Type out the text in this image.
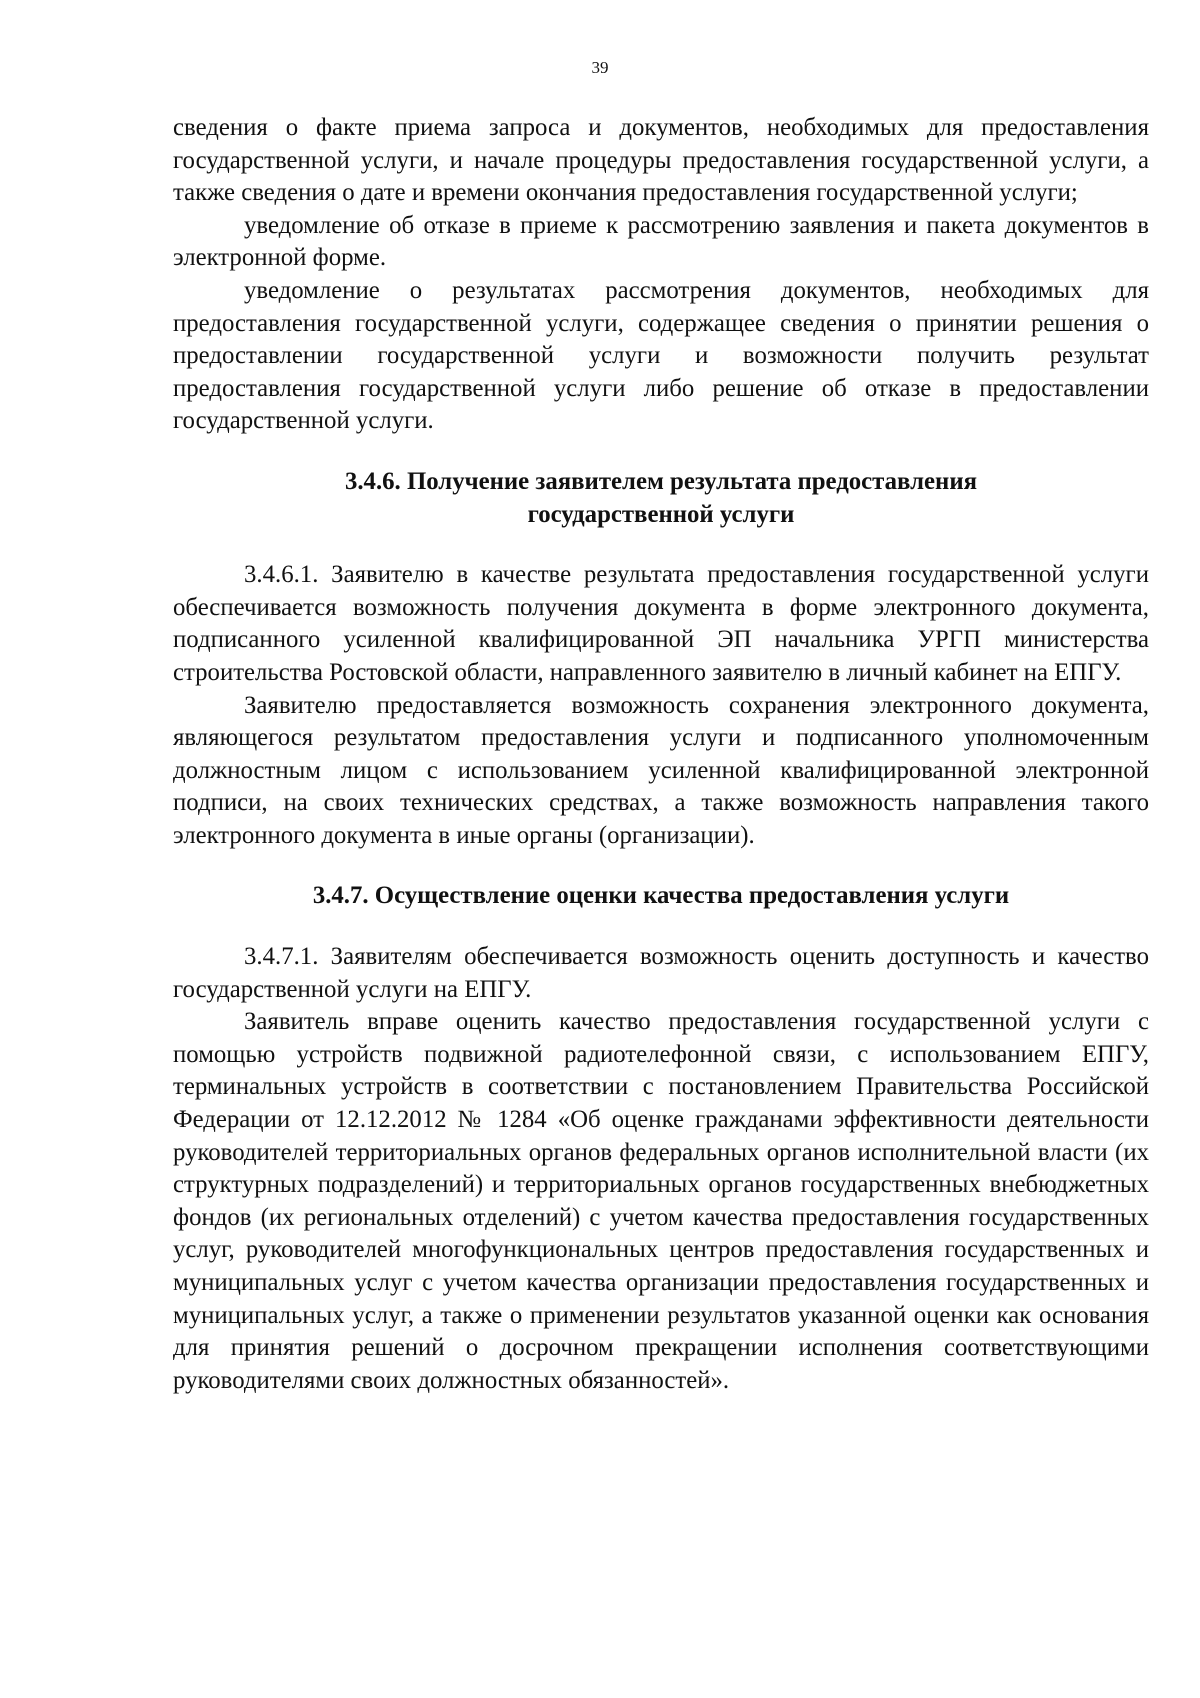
39

сведения о факте приема запроса и документов, необходимых для предоставления государственной услуги, и начале процедуры предоставления государственной услуги, а также сведения о дате и времени окончания предоставления государственной услуги;

уведомление об отказе в приеме к рассмотрению заявления и пакета документов в электронной форме.

уведомление о результатах рассмотрения документов, необходимых для предоставления государственной услуги, содержащее сведения о принятии решения о предоставлении государственной услуги и возможности получить результат предоставления государственной услуги либо решение об отказе в предоставлении государственной услуги.

3.4.6. Получение заявителем результата предоставления
государственной услуги

3.4.6.1. Заявителю в качестве результата предоставления государственной услуги обеспечивается возможность получения документа в форме электронного документа, подписанного усиленной квалифицированной ЭП начальника УРГП министерства строительства Ростовской области, направленного заявителю в личный кабинет на ЕПГУ.

Заявителю предоставляется возможность сохранения электронного документа, являющегося результатом предоставления услуги и подписанного уполномоченным должностным лицом с использованием усиленной квалифицированной электронной подписи, на своих технических средствах, а также возможность направления такого электронного документа в иные органы (организации).

3.4.7. Осуществление оценки качества предоставления услуги

3.4.7.1. Заявителям обеспечивается возможность оценить доступность и качество государственной услуги на ЕПГУ.

Заявитель вправе оценить качество предоставления государственной услуги с помощью устройств подвижной радиотелефонной связи, с использованием ЕПГУ, терминальных устройств в соответствии с постановлением Правительства Российской Федерации от 12.12.2012 № 1284 «Об оценке гражданами эффективности деятельности руководителей территориальных органов федеральных органов исполнительной власти (их структурных подразделений) и территориальных органов государственных внебюджетных фондов (их региональных отделений) с учетом качества предоставления государственных услуг, руководителей многофункциональных центров предоставления государственных и муниципальных услуг с учетом качества организации предоставления государственных и муниципальных услуг, а также о применении результатов указанной оценки как основания для принятия решений о досрочном прекращении исполнения соответствующими руководителями своих должностных обязанностей».
